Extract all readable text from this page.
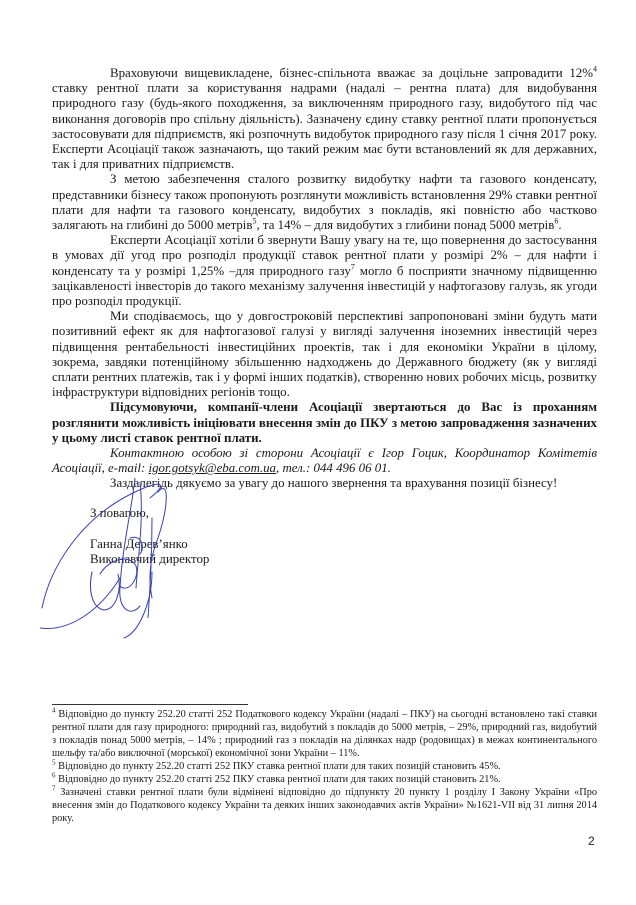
Враховуючи вищевикладене, бізнес-спільнота вважає за доцільне запровадити 12%$^4$ ставку рентної плати за користування надрами (надалі – рентна плата) для видобування природного газу (будь-якого походження, за виключенням природного газу, видобутого під час виконання договорів про спільну діяльність). Зазначену єдину ставку рентної плати пропонується застосовувати для підприємств, які розпочнуть видобуток природного газу після 1 січня 2017 року. Експерти Асоціації також зазначають, що такий режим має бути встановлений як для державних, так і для приватних підприємств.

З метою забезпечення сталого розвитку видобутку нафти та газового конденсату, представники бізнесу також пропонують розглянути можливість встановлення 29% ставки рентної плати для нафти та газового конденсату, видобутих з покладів, які повністю або частково залягають на глибині до 5000 метрів$^5$, та 14% – для видобутих з глибини понад 5000 метрів$^6$.

Експерти Асоціації хотіли б звернути Вашу увагу на те, що повернення до застосування в умовах дії угод про розподіл продукції ставок рентної плати у розмірі 2% – для нафти і конденсату та у розмірі 1,25% –для природного газу$^7$ могло б посприяти значному підвищенню зацікавленості інвесторів до такого механізму залучення інвестицій у нафтогазову галузь, як угоди про розподіл продукції.

Ми сподіваємось, що у довгостроковій перспективі запропоновані зміни будуть мати позитивний ефект як для нафтогазової галузі у вигляді залучення іноземних інвестицій через підвищення рентабельності інвестиційних проектів, так і для економіки України в цілому, зокрема, завдяки потенційному збільшенню надходжень до Державного бюджету (як у вигляді сплати рентних платежів, так і у формі інших податків), створенню нових робочих місць, розвитку інфраструктури відповідних регіонів тощо.

Підсумовуючи, компанії-члени Асоціації звертаються до Вас із проханням розглянити можливість ініціювати внесення змін до ПКУ з метою запровадження зазначених у цьому листі ставок рентної плати.

Контактною особою зі сторони Асоціації є Ігор Гоцик, Координатор Комітетів Асоціації, e-mail: igor.gotsyk@eba.com.ua, тел.: 044 496 06 01.

Заздалегідь дякуємо за увагу до нашого звернення та врахування позиції бізнесу!

З повагою,
Ганна Дерев’янко
Виконавчий директор

$^4$ Відповідно до пункту 252.20 статті 252 Податкового кодексу України (надалі – ПКУ) на сьогодні встановлено такі ставки рентної плати для газу природного: природний газ, видобутий з покладів до 5000 метрів, – 29%, природний газ, видобутий з покладів понад 5000 метрів, – 14% ; природний газ з покладів на ділянках надр (родовищах) в межах континентального шельфу та/або виключної (морської) економічної зони України – 11%.

$^5$ Відповідно до пункту 252.20 статті 252 ПКУ ставка рентної плати для таких позицій становить 45%.

$^6$ Відповідно до пункту 252.20 статті 252 ПКУ ставка рентної плати для таких позицій становить 21%.

$^7$ Зазначені ставки рентної плати були відмінені відповідно до підпункту 20 пункту 1 розділу І Закону України «Про внесення змін до Податкового кодексу України та деяких інших законодавчих актів України» №1621-VII від 31 липня 2014 року.

2
